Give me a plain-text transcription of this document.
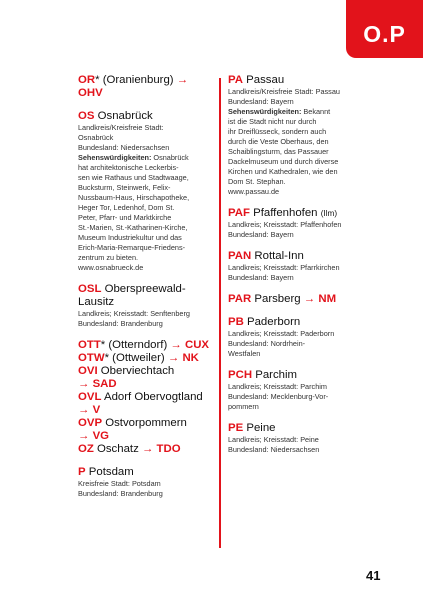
O.P
OR* (Oranienburg) → OHV
OS Osnabrück
Landkreis/Kreisfreie Stadt:
Osnabrück
Bundesland: Niedersachsen
Sehenswürdigkeiten: Osnabrück
hat architektonische Leckerbis-
sen wie Rathaus und Stadtwaage,
Bucksturm, Steinwerk, Felix-
Nussbaum-Haus, Hirschapotheke,
Heger Tor, Ledenhof, Dom St.
Peter, Pfarr- und Marktkirche
St.-Marien, St.-Katharinen-Kirche,
Museum Industriekultur und das
Erich-Maria-Remarque-Friedens-
zentrum zu bieten.
www.osnabrueck.de
OSL Oberspreewald-
Lausitz
Landkreis; Kreisstadt: Senftenberg
Bundesland: Brandenburg
OTT* (Otterndorf) → CUX
OTW* (Ottweiler) → NK
OVI Oberviechtach
→ SAD
OVL Adorf Obervogtland
→ V
OVP Ostvorpommern
→ VG
OZ Oschatz → TDO
P Potsdam
Kreisfreie Stadt: Potsdam
Bundesland: Brandenburg
PA Passau
Landkreis/Kreisfreie Stadt: Passau
Bundesland: Bayern
Sehenswürdigkeiten: Bekannt
ist die Stadt nicht nur durch
ihr Dreiflüsseck, sondern auch
durch die Veste Oberhaus, den
Schaiblingsturm, das Passauer
Dackelmuseum und durch diverse
Kirchen und Kathedralen, wie den
Dom St. Stephan.
www.passau.de
PAF Pfaffenhofen (Ilm)
Landkreis; Kreisstadt: Pfaffenhofen
Bundesland: Bayern
PAN Rottal-Inn
Landkreis; Kreisstadt: Pfarrkirchen
Bundesland: Bayern
PAR Parsberg → NM
PB Paderborn
Landkreis; Kreisstadt: Paderborn
Bundesland: Nordrhein-
Westfalen
PCH Parchim
Landkreis; Kreisstadt: Parchim
Bundesland: Mecklenburg-Vor-
pommern
PE Peine
Landkreis; Kreisstadt: Peine
Bundesland: Niedersachsen
41
